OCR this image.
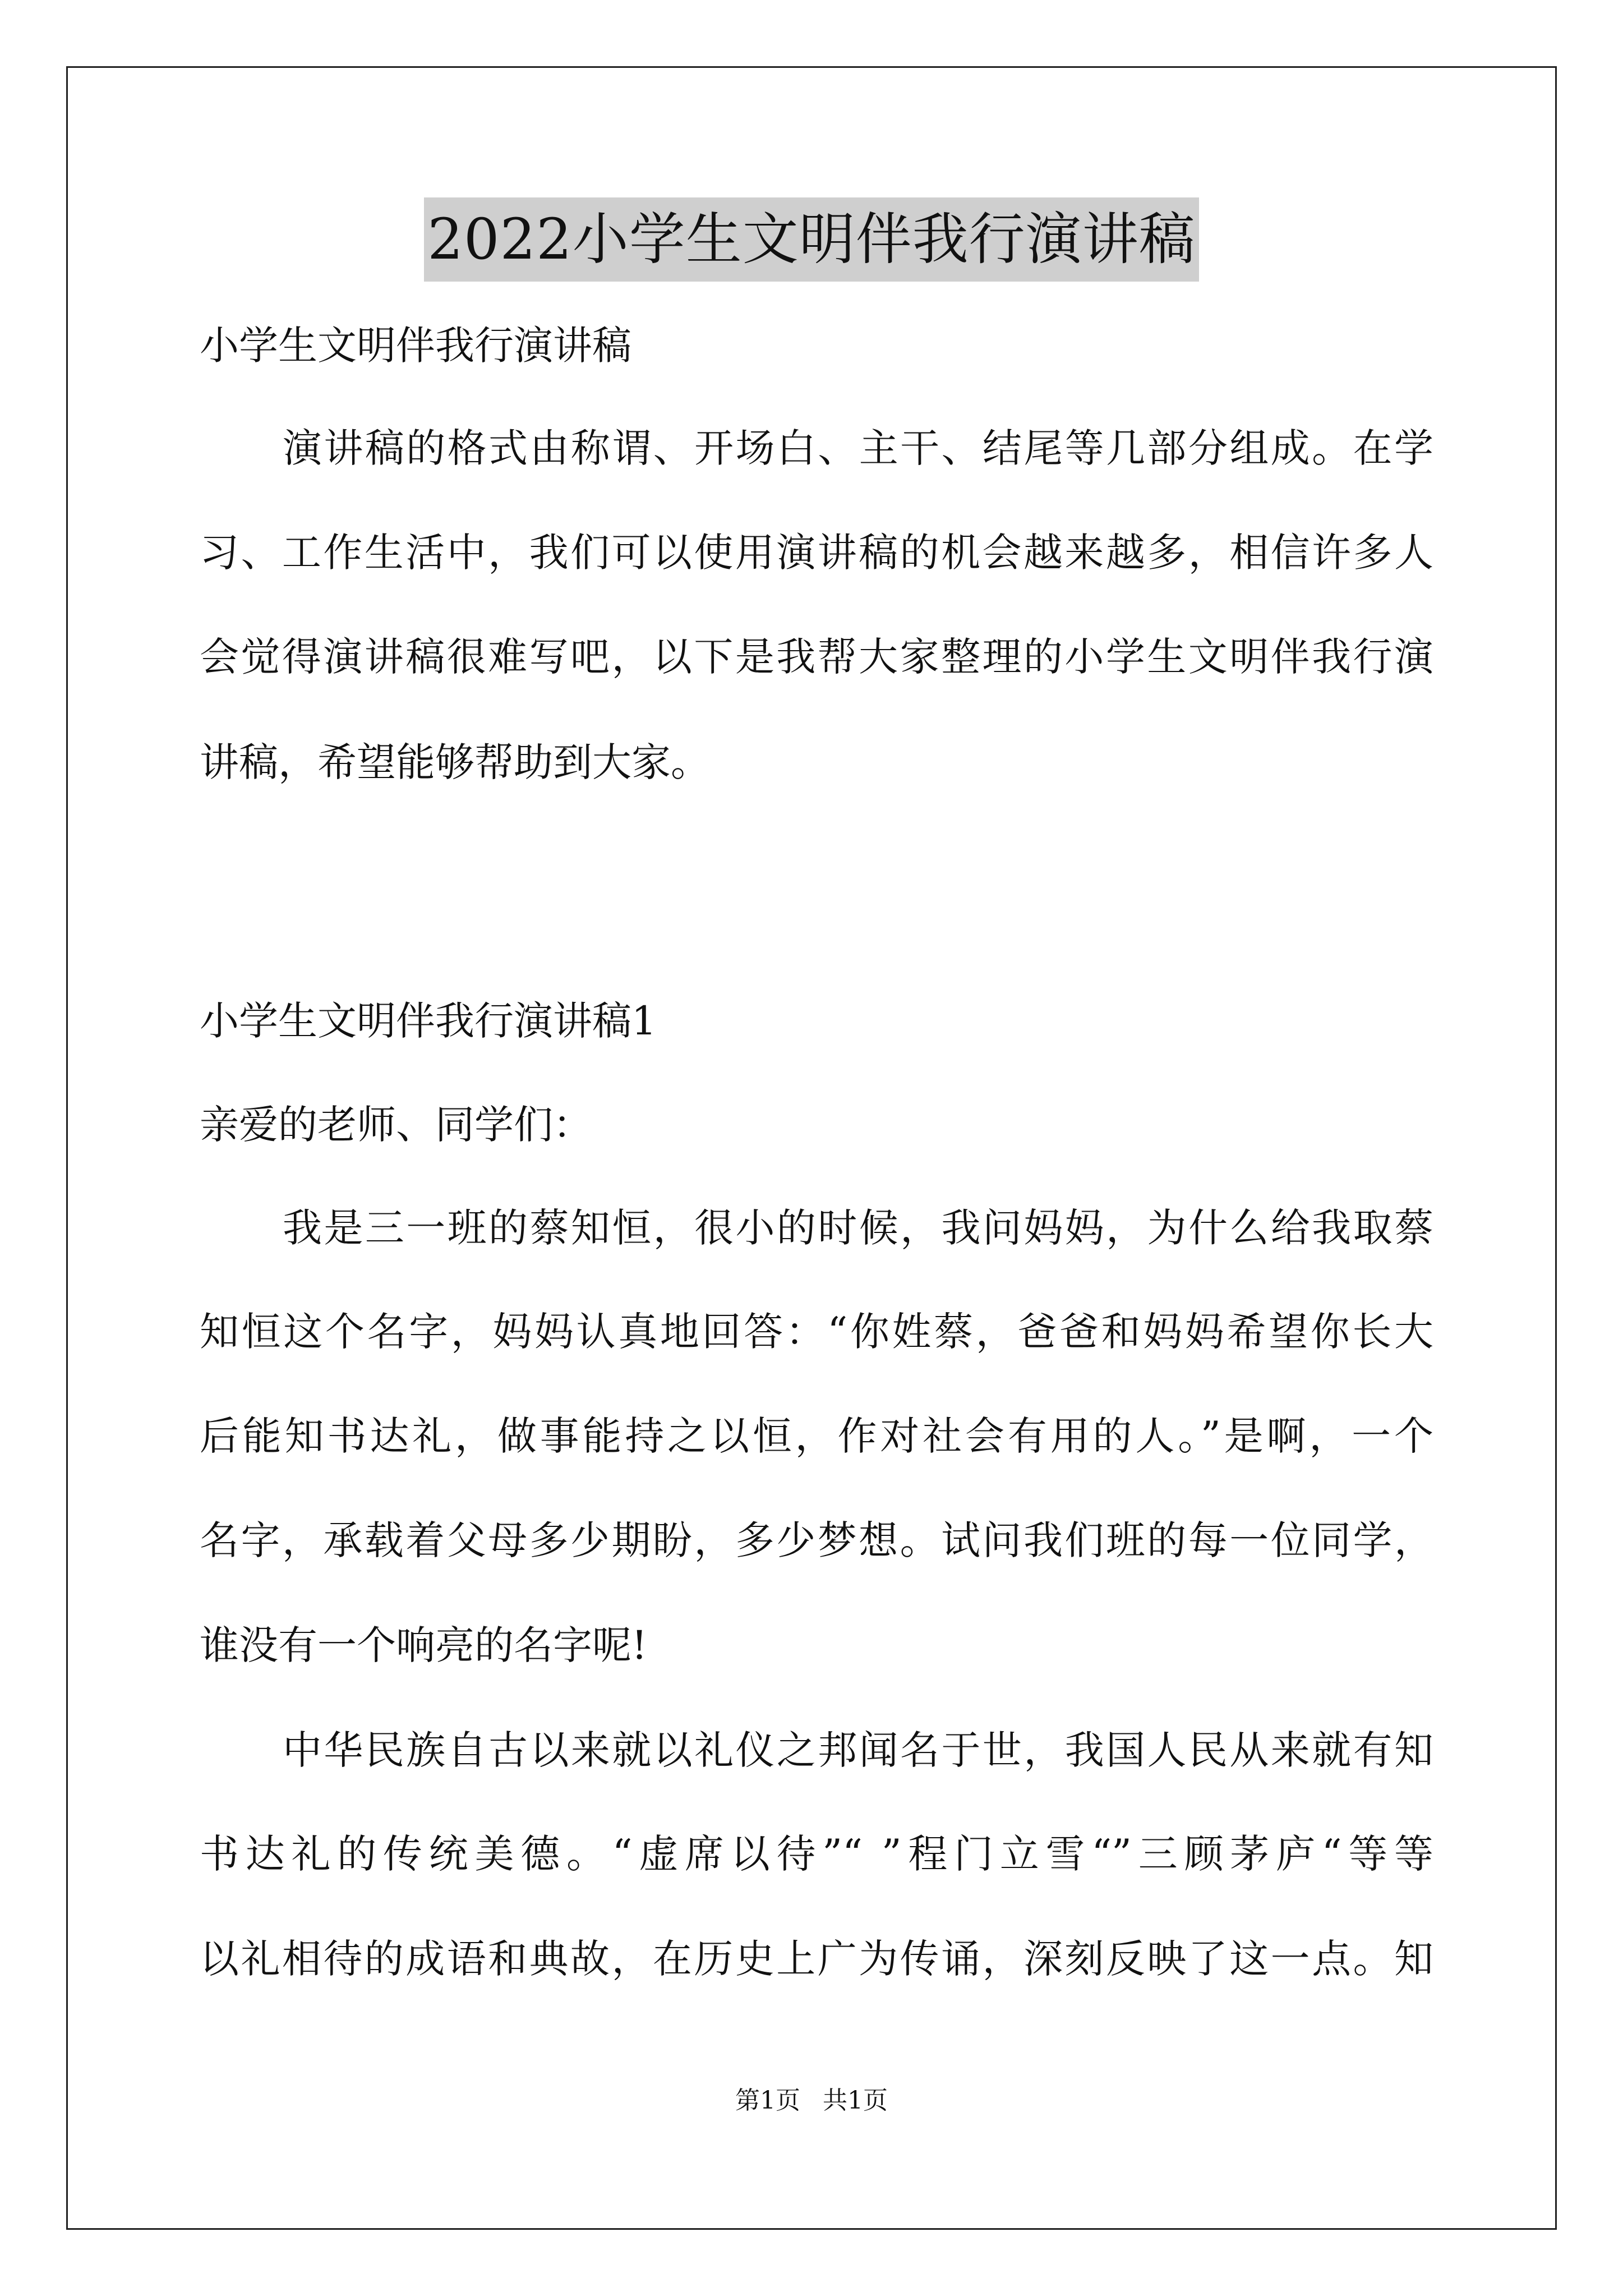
2022小学生文明伴我行演讲稿
小学生文明伴我行演讲稿
演讲稿的格式由称谓、开场白、主干、结尾等几部分组成。在学
习、工作生活中，我们可以使用演讲稿的机会越来越多，相信许多人
会觉得演讲稿很难写吧，以下是我帮大家整理的小学生文明伴我行演
讲稿，希望能够帮助到大家。
小学生文明伴我行演讲稿1
亲爱的老师、同学们：
我是三一班的蔡知恒，很小的时候，我问妈妈，为什么给我取蔡
知恒这个名字，妈妈认真地回答：“你姓蔡，爸爸和妈妈希望你长大
后能知书达礼，做事能持之以恒，作对社会有用的人。”是啊，一个
名字，承载着父母多少期盼，多少梦想。试问我们班的每一位同学，
谁没有一个响亮的名字呢!
中华民族自古以来就以礼仪之邦闻名于世，我国人民从来就有知
书达礼的传统美德。“虚席以待”“ ”程门立雪“”三顾茅庐“等等
以礼相待的成语和典故，在历史上广为传诵，深刻反映了这一点。知
第1页 共1页
